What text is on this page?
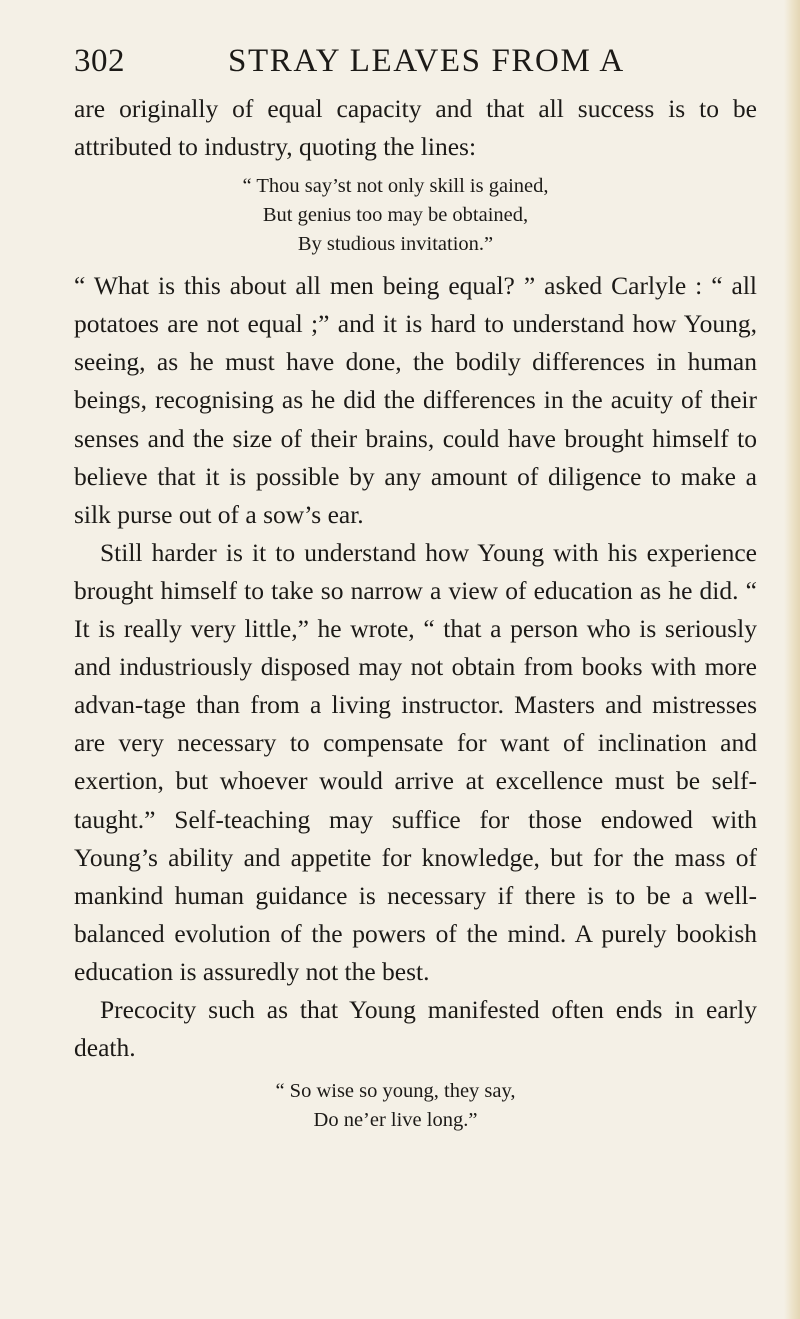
302	STRAY LEAVES FROM A

are originally of equal capacity and that all success is to be attributed to industry, quoting the lines:

“ Thou say’st not only skill is gained,
But genius too may be obtained,
By studious invitation.”

“ What is this about all men being equal? ” asked Carlyle : “ all potatoes are not equal ;” and it is hard to understand how Young, seeing, as he must have done, the bodily differences in human beings, recognising as he did the differences in the acuity of their senses and the size of their brains, could have brought himself to believe that it is possible by any amount of diligence to make a silk purse out of a sow’s ear.

Still harder is it to understand how Young with his experience brought himself to take so narrow a view of education as he did. “ It is really very little,” he wrote, “ that a person who is seriously and industriously disposed may not obtain from books with more advan-tage than from a living instructor. Masters and mistresses are very necessary to compensate for want of inclination and exertion, but whoever would arrive at excellence must be self-taught.” Self-teaching may suffice for those endowed with Young’s ability and appetite for knowledge, but for the mass of mankind human guidance is necessary if there is to be a well-balanced evolution of the powers of the mind. A purely bookish education is assuredly not the best.

Precocity such as that Young manifested often ends in early death.

“ So wise so young, they say,
Do ne’er live long.”
